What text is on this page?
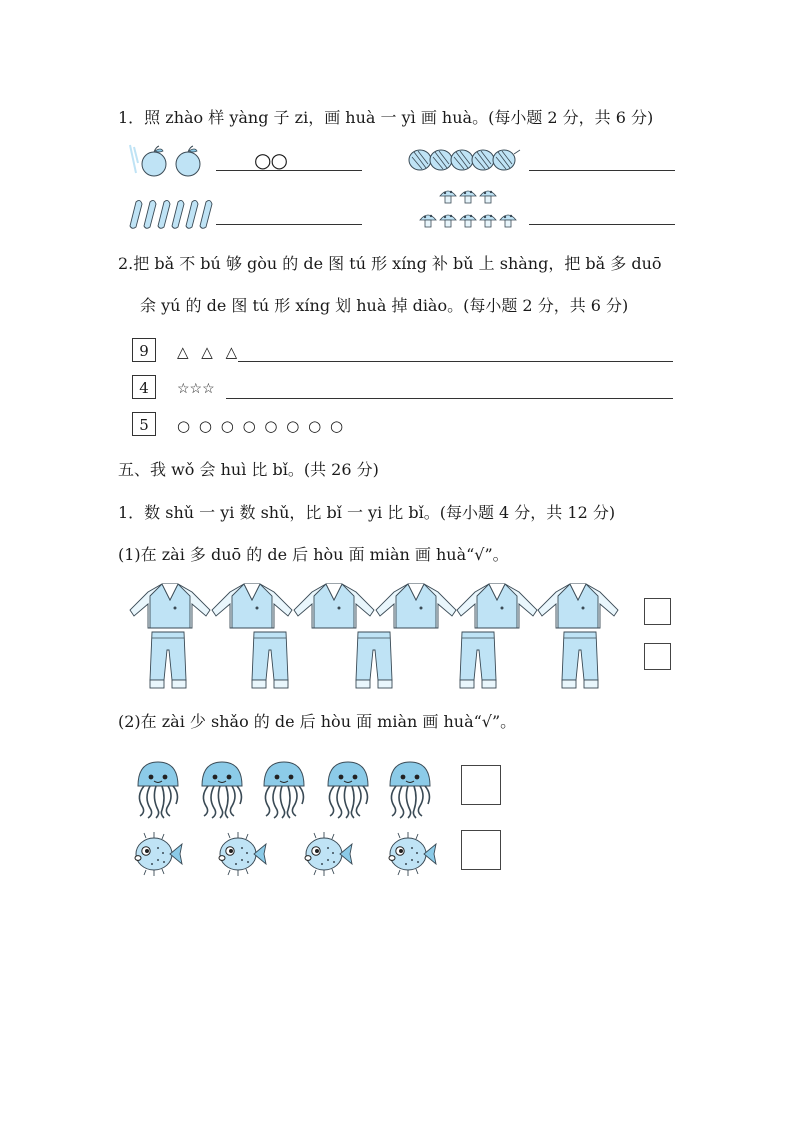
1．照 zhào 样 yàng 子 zi，画 huà 一 yì 画 huà。(每小题 2 分，共 6 分)
○○
2.把 bǎ 不 bú 够 gòu 的 de 图 tú 形 xíng 补 bǔ 上 shàng，把 bǎ 多 duō
余 yú 的 de 图 tú 形 xíng 划 huà 掉 diào。(每小题 2 分，共 6 分)
9	△ △ △
4	☆☆☆
5	○ ○ ○ ○ ○ ○ ○ ○
五、我 wǒ 会 huì 比 bǐ。(共 26 分)
1．数 shǔ 一 yi 数 shǔ，比 bǐ 一 yi 比 bǐ。(每小题 4 分，共 12 分)
(1)在 zài 多 duō 的 de 后 hòu 面 miàn 画 huà“√”。
(2)在 zài 少 shǎo 的 de 后 hòu 面 miàn 画 huà“√”。
